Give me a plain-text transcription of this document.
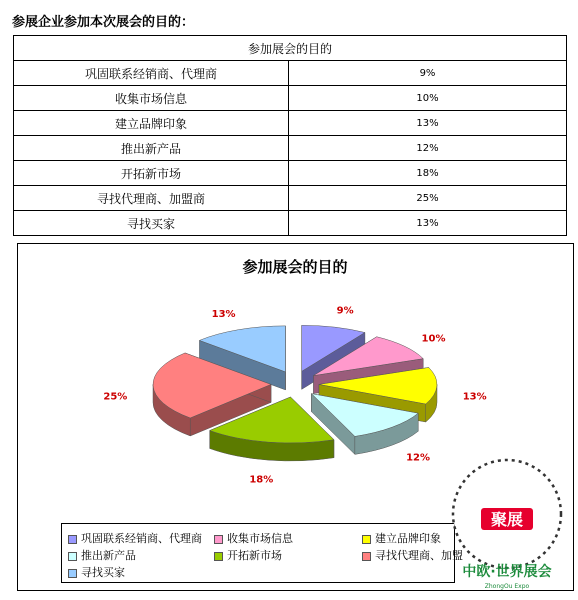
参展企业参加本次展会的目的：
参加展会的目的	
巩固联系经销商、代理商	9%
收集市场信息	10%
建立品牌印象	13%
推出新产品	12%
开拓新市场	18%
寻找代理商、加盟商	25%
寻找买家	13%
参加展会的目的
9%
10%
13%
12%
18%
25%
13%
巩固联系经销商、代理商	收集市场信息	建立品牌印象
推出新产品	开拓新市场	寻找代理商、加盟
寻找买家
聚展
中欧·世界展会
ZhongOu Expo
